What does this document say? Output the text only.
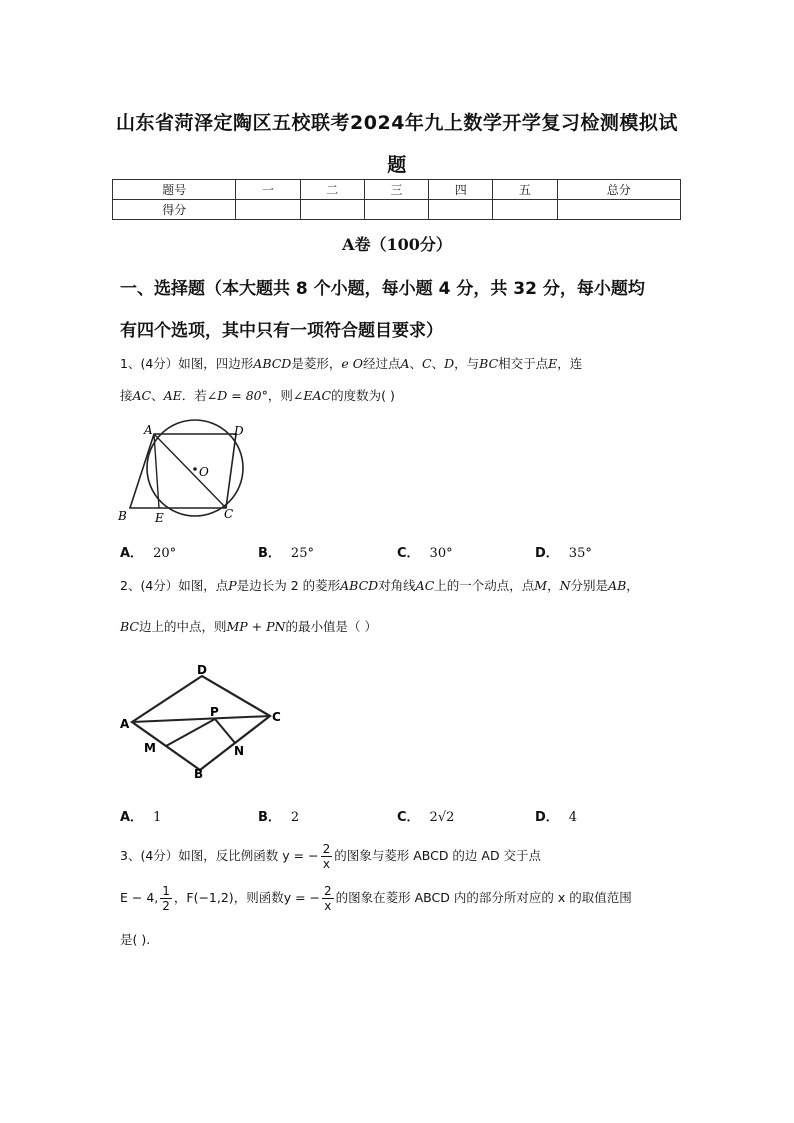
山东省菏泽定陶区五校联考2024年九上数学开学复习检测模拟试
题
题号	一	二	三	四	五	总分
得分						
A卷（100分）
一、选择题（本大题共 8 个小题，每小题 4 分，共 32 分，每小题均
有四个选项，其中只有一项符合题目要求）
1、(4分）如图，四边形ABCD是菱形，e O经过点A、C、D，与BC相交于点E，连
接AC、AE．若∠D = 80°，则∠EAC的度数为( )
A	D
O
B E	C
A． 20°	B． 25°	C． 30°	D． 35°
2、(4分）如图，点P是边长为 2 的菱形ABCD对角线AC上的一个动点，点M，N分别是AB，
BC边上的中点，则MP + PN的最小值是（ ）
D
A
P	C
M	N
B
A． 1	B． 2	C． 2√2	D． 4
3、(4分）如图，反比例函数 y = − $\frac{2}{x}$ 的图象与菱形 ABCD 的边 AD 交于点
E − 4, $\frac{1}{2}$ ，F(−1,2)，则函数y = − $\frac{2}{x}$ 的图象在菱形 ABCD 内的部分所对应的 x 的取值范围
是( ).
